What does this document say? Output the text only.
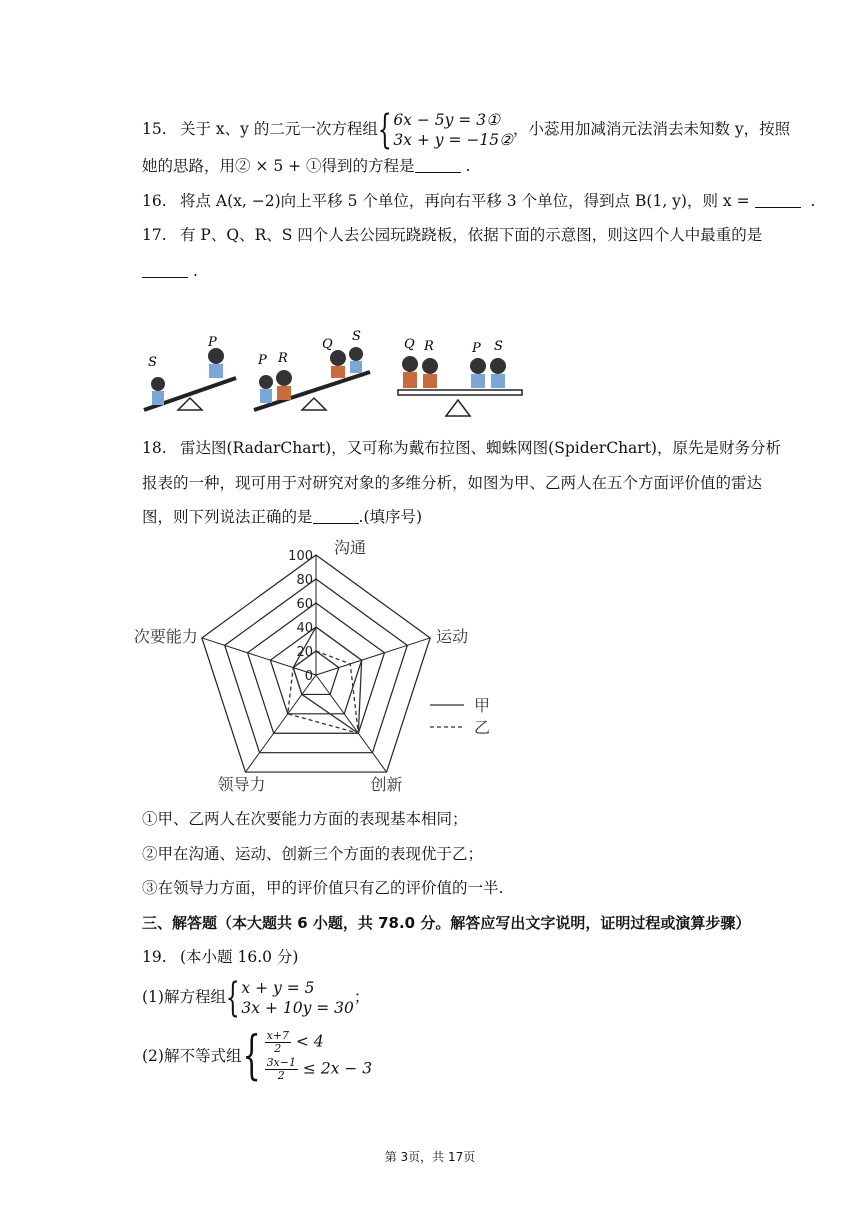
15. 关于 x、y 的二元一次方程组 { 6x − 5y = 3①
3x + y = −15②
，小蕊用加减消元法消去未知数 y，按照
她的思路，用② × 5 + ①得到的方程是	.
16. 将点 A(x, −2)向上平移 5 个单位，再向右平移 3 个单位，得到点 B(1, y)，则 x =	.
17. 有 P、Q、R、S 四个人去公园玩跷跷板，依据下面的示意图，则这四个人中最重的是
.
S
P
P R
Q
S
Q R	P S
18. 雷达图(RadarChart)，又可称为戴布拉图、蜘蛛网图(SpiderChart)，原先是财务分析
报表的一种，现可用于对研究对象的多维分析，如图为甲、乙两人在五个方面评价值的雷达
图，则下列说法正确的是	.(填序号)
0
20
40
60
80
100 沟通
运动
创新
领导力
次要能力
甲
乙
①甲、乙两人在次要能力方面的表现基本相同；
②甲在沟通、运动、创新三个方面的表现优于乙；
③在领导力方面，甲的评价值只有乙的评价值的一半.
三、解答题（本大题共 6 小题，共 78.0 分。解答应写出文字说明，证明过程或演算步骤）
19. (本小题 16.0 分)
(1)解方程组 { x + y = 5
3x + 10y = 30
；
(2)解不等式组 { $\frac{x+7}{2} < 4$
$\frac{3x-1}{2} \le 2x - 3$
第 3页，共 17页
